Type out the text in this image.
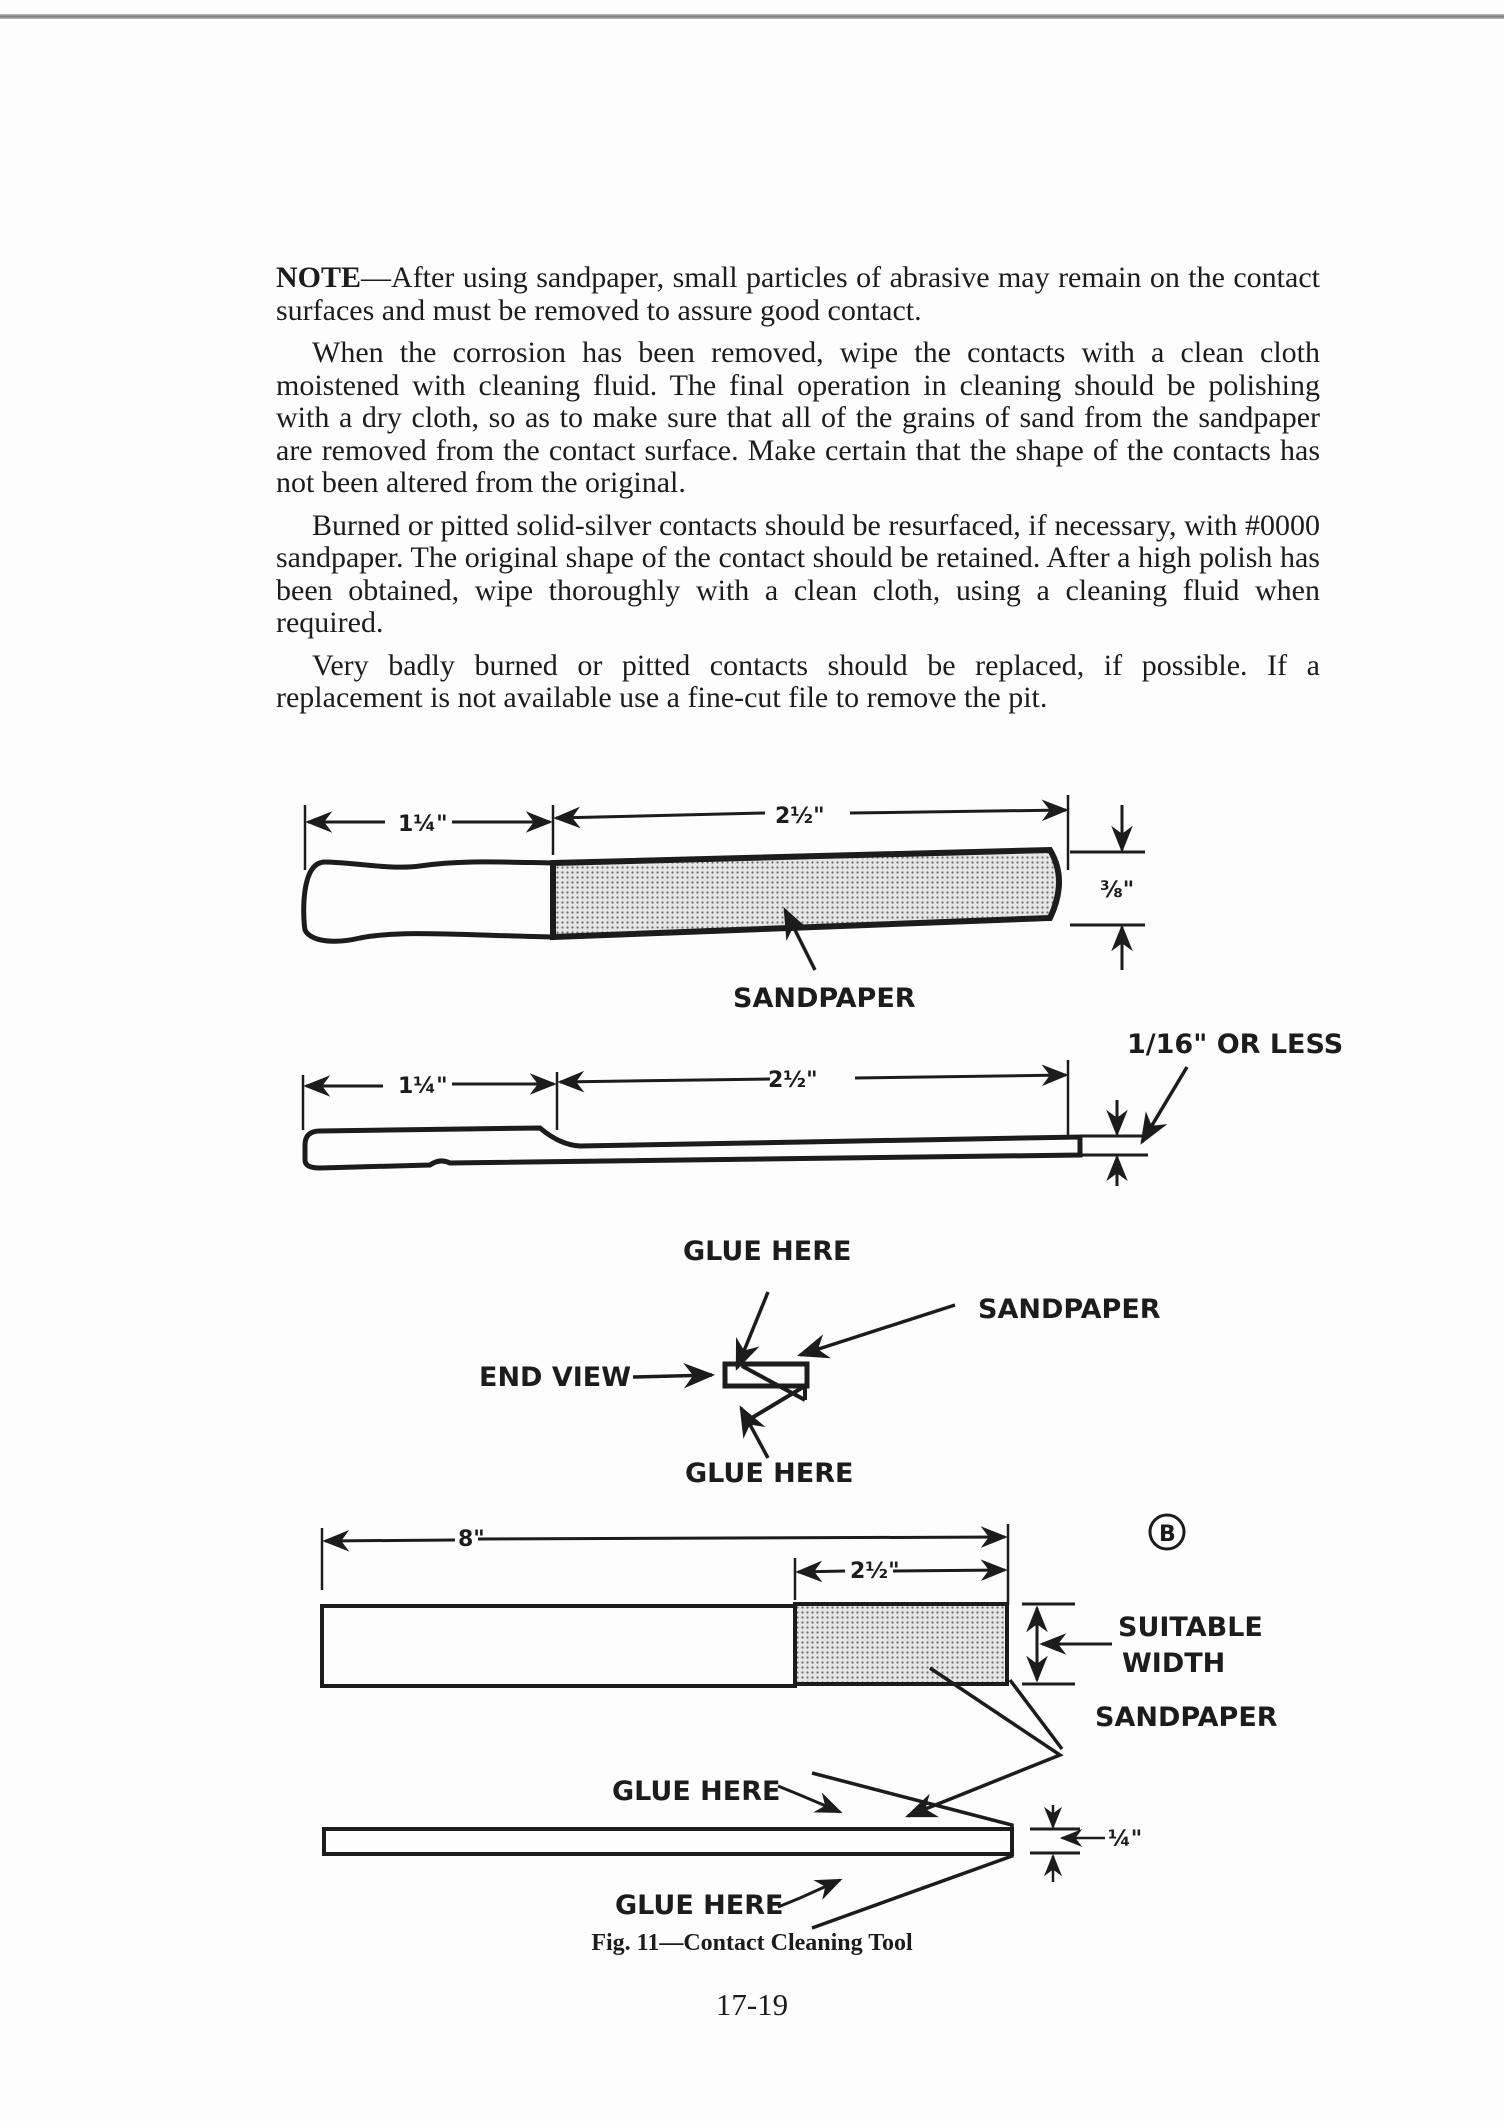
NOTE—After using sandpaper, small particles of abrasive may remain on the contact surfaces and must be removed to assure good contact.

When the corrosion has been removed, wipe the contacts with a clean cloth moistened with cleaning fluid. The final operation in cleaning should be polishing with a dry cloth, so as to make sure that all of the grains of sand from the sandpaper are removed from the contact surface. Make certain that the shape of the contacts has not been altered from the original.

Burned or pitted solid-silver contacts should be resurfaced, if necessary, with #0000 sandpaper. The original shape of the contact should be retained. After a high polish has been obtained, wipe thoroughly with a clean cloth, using a cleaning fluid when required.

Very badly burned or pitted contacts should be replaced, if possible. If a replacement is not available use a fine-cut file to remove the pit.

1¼"	2½"
⅜"
SANDPAPER
1¼"	2½"
1/16" OR LESS
GLUE HERE
SANDPAPER
END VIEW
GLUE HERE
B
8"
2½"
SUITABLE
WIDTH
SANDPAPER
GLUE HERE
GLUE HERE
¼"
Fig. 11—Contact Cleaning Tool
17-19
